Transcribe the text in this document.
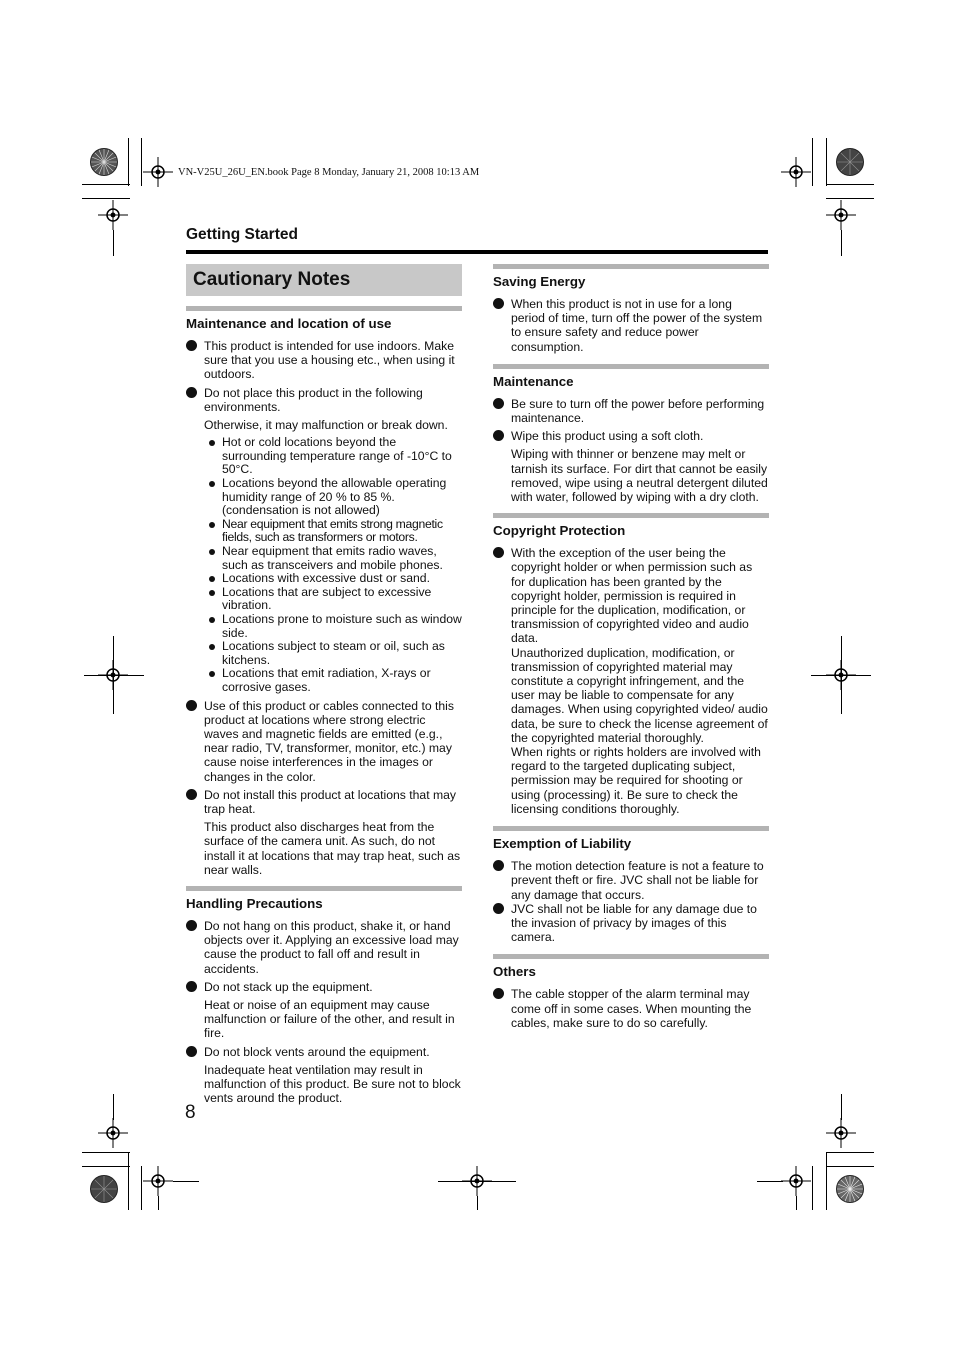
VN-V25U_26U_EN.book Page 8 Monday, January 21, 2008 10:13 AM
Getting Started
Cautionary Notes
Maintenance and location of use
This product is intended for use indoors. Make sure that you use a housing etc., when using it outdoors.
Do not place this product in the following environments.
Otherwise, it may malfunction or break down.
Hot or cold locations beyond the surrounding temperature range of -10°C to 50°C.
Locations beyond the allowable operating humidity range of 20 % to 85 %. (condensation is not allowed)
Near equipment that emits strong magnetic fields, such as transformers or motors.
Near equipment that emits radio waves, such as transceivers and mobile phones.
Locations with excessive dust or sand.
Locations that are subject to excessive vibration.
Locations prone to moisture such as window side.
Locations subject to steam or oil, such as kitchens.
Locations that emit radiation, X-rays or corrosive gases.
Use of this product or cables connected to this product at locations where strong electric waves and magnetic fields are emitted (e.g., near radio, TV, transformer, monitor, etc.) may cause noise interferences in the images or changes in the color.
Do not install this product at locations that may trap heat.
This product also discharges heat from the surface of the camera unit. As such, do not install it at locations that may trap heat, such as near walls.
Handling Precautions
Do not hang on this product, shake it, or hand objects over it. Applying an excessive load may cause the product to fall off and result in accidents.
Do not stack up the equipment.
Heat or noise of an equipment may cause malfunction or failure of the other, and result in fire.
Do not block vents around the equipment.
Inadequate heat ventilation may result in malfunction of this product. Be sure not to block vents around the product.
Saving Energy
When this product is not in use for a long period of time, turn off the power of the system to ensure safety and reduce power consumption.
Maintenance
Be sure to turn off the power before performing maintenance.
Wipe this product using a soft cloth.
Wiping with thinner or benzene may melt or tarnish its surface. For dirt that cannot be easily removed, wipe using a neutral detergent diluted with water, followed by wiping with a dry cloth.
Copyright Protection
With the exception of the user being the copyright holder or when permission such as for duplication has been granted by the copyright holder, permission is required in principle for the duplication, modification, or transmission of copyrighted video and audio data.
Unauthorized duplication, modification, or transmission of copyrighted material may constitute a copyright infringement, and the user may be liable to compensate for any damages. When using copyrighted video/ audio data, be sure to check the license agreement of the copyrighted material thoroughly.
When rights or rights holders are involved with regard to the targeted duplicating subject, permission may be required for shooting or using (processing) it. Be sure to check the licensing conditions thoroughly.
Exemption of Liability
The motion detection feature is not a feature to prevent theft or fire. JVC shall not be liable for any damage that occurs.
JVC shall not be liable for any damage due to the invasion of privacy by images of this camera.
Others
The cable stopper of the alarm terminal may come off in some cases. When mounting the cables, make sure to do so carefully.
8
